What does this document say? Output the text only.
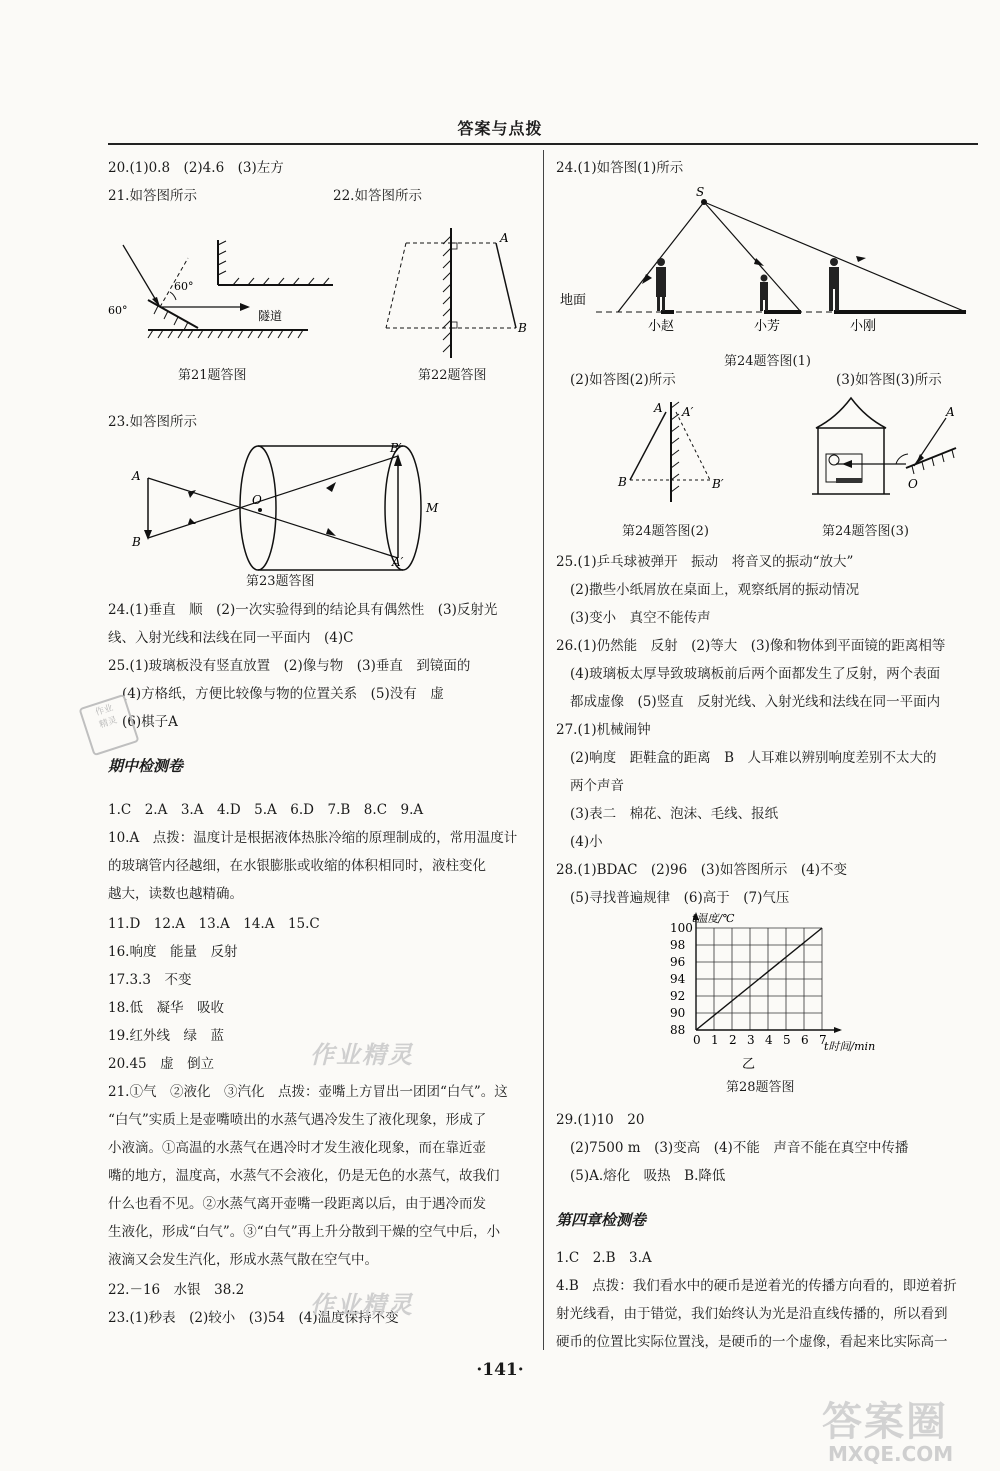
答案与点拨
20.(1)0.8　(2)4.6　(3)左方
21.如答图所示	22.如答图所示
60°
60°	隧道
第21题答图
A
B
第22题答图
23.如答图所示
A
B
O
B′
A′
M
第23题答图
24.(1)垂直　顺　(2)一次实验得到的结论具有偶然性　(3)反射光
线、入射光线和法线在同一平面内　(4)C
25.(1)玻璃板没有竖直放置　(2)像与物　(3)垂直　到镜面的
(4)方格纸，方便比较像与物的位置关系　(5)没有　虚
(6)棋子A
期中检测卷
1.C　2.A　3.A　4.D　5.A　6.D　7.B　8.C　9.A
10.A　点拨：温度计是根据液体热胀冷缩的原理制成的，常用温度计
的玻璃管内径越细，在水银膨胀或收缩的体积相同时，液柱变化
越大，读数也越精确。
11.D　12.A　13.A　14.A　15.C
16.响度　能量　反射
17.3.3　不变
18.低　凝华　吸收
19.红外线　绿　蓝
20.45　虚　倒立
21.①气　②液化　③汽化　点拨：壶嘴上方冒出一团团“白气”。这
“白气”实质上是壶嘴喷出的水蒸气遇冷发生了液化现象，形成了
小液滴。①高温的水蒸气在遇冷时才发生液化现象，而在靠近壶
嘴的地方，温度高，水蒸气不会液化，仍是无色的水蒸气，故我们
什么也看不见。②水蒸气离开壶嘴一段距离以后，由于遇冷而发
生液化，形成“白气”。③“白气”再上升分散到干燥的空气中后，小
液滴又会发生汽化，形成水蒸气散在空气中。
22.－16　水银　38.2
23.(1)秒表　(2)较小　(3)54　(4)温度保持不变
24.(1)如答图(1)所示
S
地面
小赵	小芳	小刚
第24题答图(1)
(2)如答图(2)所示	(3)如答图(3)所示
A A′
B	B′
第24题答图(2)
A
O
第24题答图(3)
25.(1)乒乓球被弹开　振动　将音叉的振动“放大”
(2)撒些小纸屑放在桌面上，观察纸屑的振动情况
(3)变小　真空不能传声
26.(1)仍然能　反射　(2)等大　(3)像和物体到平面镜的距离相等
(4)玻璃板太厚导致玻璃板前后两个面都发生了反射，两个表面
都成虚像　(5)竖直　反射光线、入射光线和法线在同一平面内
27.(1)机械闹钟
(2)响度　距鞋盒的距离　B　人耳难以辨别响度差别不太大的
两个声音
(3)表二　棉花、泡沫、毛线、报纸
(4)小
28.(1)BDAC　(2)96　(3)如答图所示　(4)不变
(5)寻找普遍规律　(6)高于　(7)气压
0 1 2 3 4 5 6 7
88
90
92
94
96
98
100
t温度/℃
t时间/min
乙
第28题答图
29.(1)10　20
(2)7500 m　(3)变高　(4)不能　声音不能在真空中传播
(5)A.熔化　吸热　B.降低
第四章检测卷
1.C　2.B　3.A
4.B　点拨：我们看水中的硬币是逆着光的传播方向看的，即逆着折
射光线看，由于错觉，我们始终认为光是沿直线传播的，所以看到
硬币的位置比实际位置浅，是硬币的一个虚像，看起来比实际高一
·141·
作业
精灵
作业精灵
作业精灵
答案圈
MXQE.COM
